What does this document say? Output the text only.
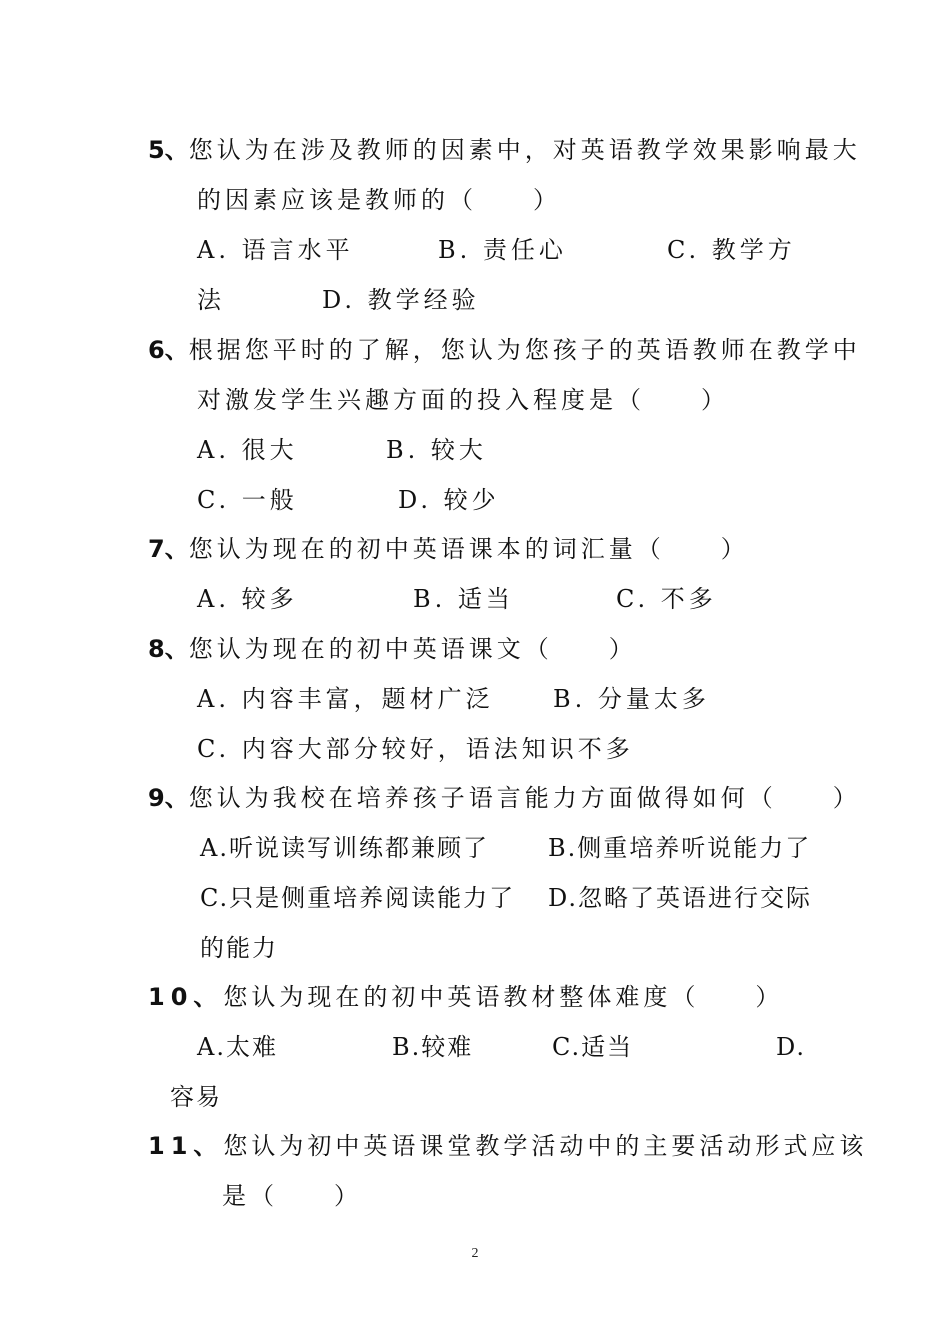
5、您认为在涉及教师的因素中，对英语教学效果影响最大
的因素应该是教师的（　　）
A. 语言水平	B. 责任心	C. 教学方
法	D. 教学经验
6、根据您平时的了解，您认为您孩子的英语教师在教学中
对激发学生兴趣方面的投入程度是（　　）
A. 很大	B. 较大
C. 一般	D. 较少
7、您认为现在的初中英语课本的词汇量（　　）
A. 较多	B. 适当	C. 不多
8、您认为现在的初中英语课文（　　）
A. 内容丰富，题材广泛 B. 分量太多
C. 内容大部分较好，语法知识不多
9、您认为我校在培养孩子语言能力方面做得如何（　　）
A.听说读写训练都兼顾了 B.侧重培养听说能力了
C.只是侧重培养阅读能力了 D.忽略了英语进行交际
的能力
10、您认为现在的初中英语教材整体难度（　　）
A.太难	B.较难	C.适当	D.
容易
11、您认为初中英语课堂教学活动中的主要活动形式应该
是（　　）
2
